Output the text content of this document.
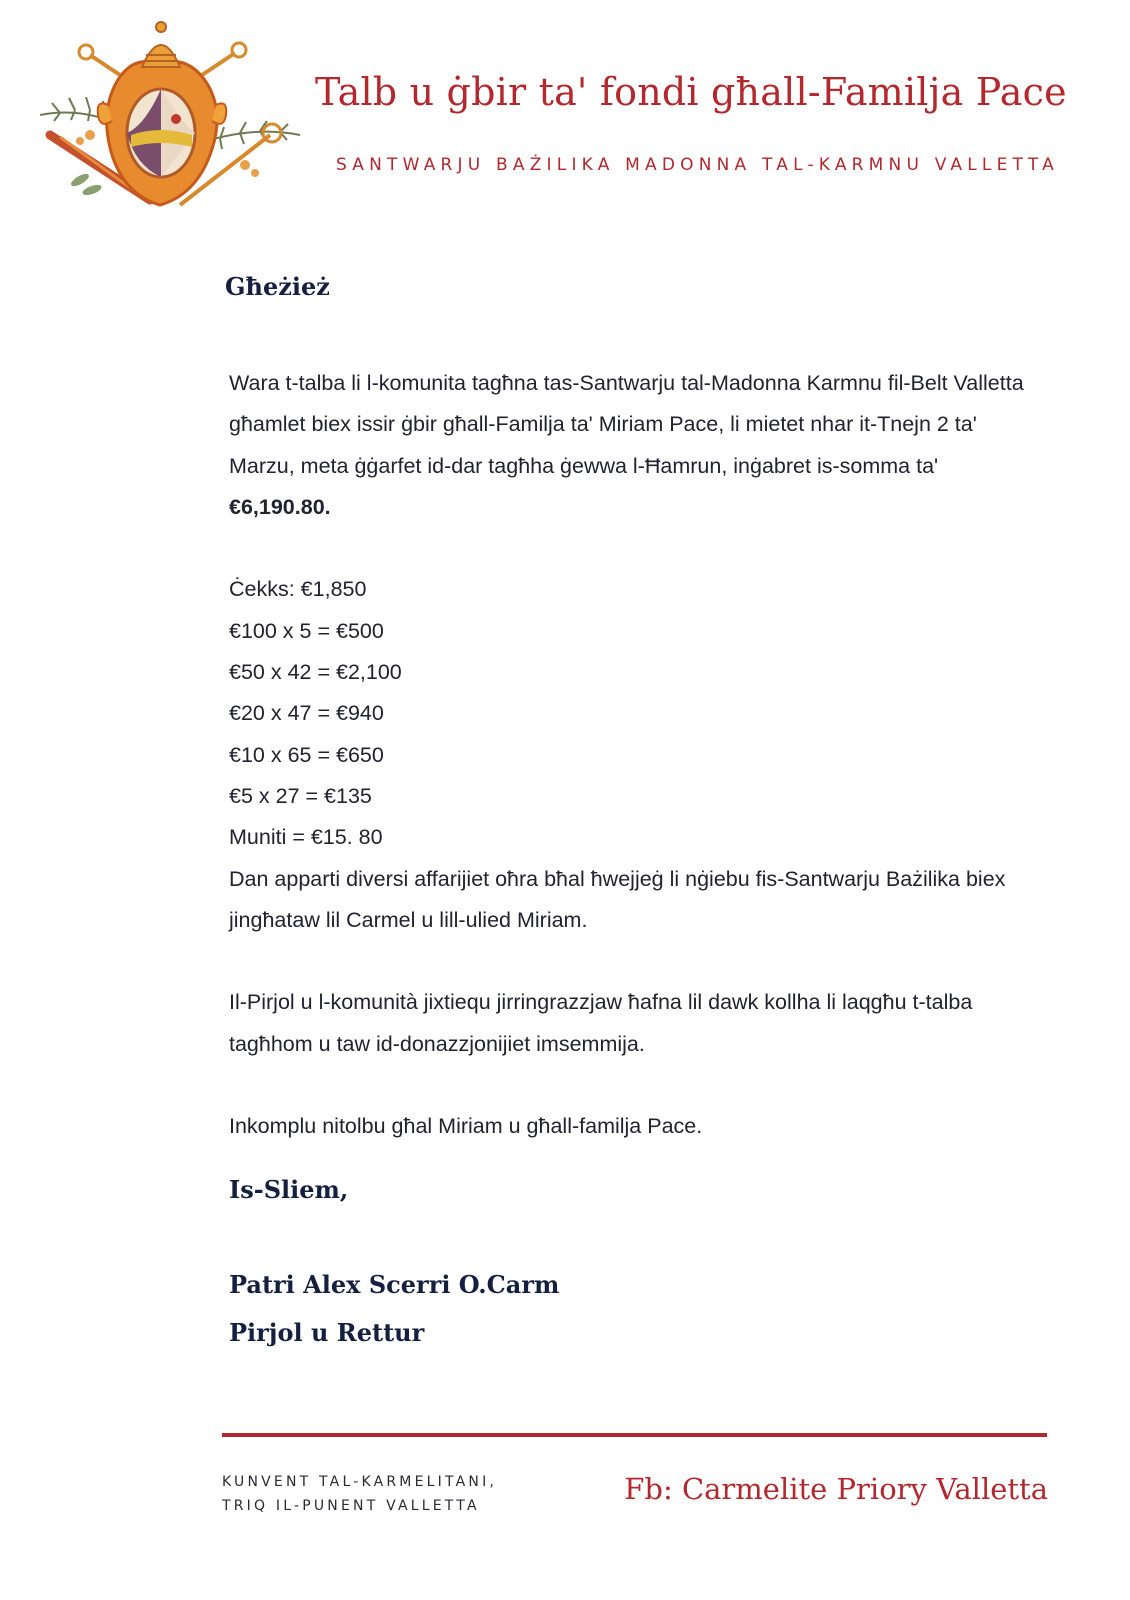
Talb u ġbir ta' fondi għall-Familja Pace
SANTWARJU BAŻILIKA MADONNA TAL-KARMNU VALLETTA
Għeżież

Wara t-talba li l-komunita tagħna tas-Santwarju tal-Madonna Karmnu fil-Belt Valletta għamlet biex issir ġbir għall-Familja ta' Miriam Pace, li mietet nhar it-Tnejn 2 ta' Marzu, meta ġġarfet id-dar tagħha ġewwa l-Ħamrun, inġabret is-somma ta' €6,190.80.

Ċekks: €1,850

€100 x 5 = €500

€50 x 42 = €2,100

€20 x 47 = €940

€10 x 65 = €650

€5 x 27 = €135

Muniti = €15. 80

Dan apparti diversi affarijiet oħra bħal ħwejjeġ li nġiebu fis-Santwarju Bażilika biex jingħataw lil Carmel u lill-ulied Miriam.

Il-Pirjol u l-komunità jixtiequ jirringrazzjaw ħafna lil dawk kollha li laqgħu t-talba tagħhom u taw id-donazzjonijiet imsemmija.

Inkomplu nitolbu għal Miriam u għall-familja Pace.

Is-Sliem,
Patri Alex Scerri O.Carm
Pirjol u Rettur
KUNVENT TAL-KARMELITANI,
TRIQ IL-PUNENT VALLETTA	Fb: Carmelite Priory Valletta
